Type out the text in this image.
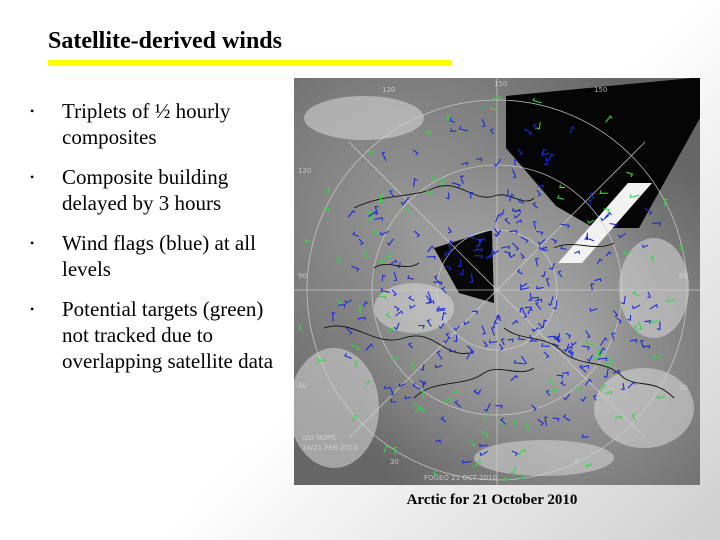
Satellite-derived winds
• Triplets of ½ hourly composites
• Composite building delayed by 3 hours
• Wind flags (blue) at all levels
• Potential targets (green) not tracked due to overlapping satellite data
150
150
120
120
90	60
60	30
30	0
ISO NOPS
10/21 FEB 2010
FOGEO 21 OCT 2010
Arctic for 21 October 2010
